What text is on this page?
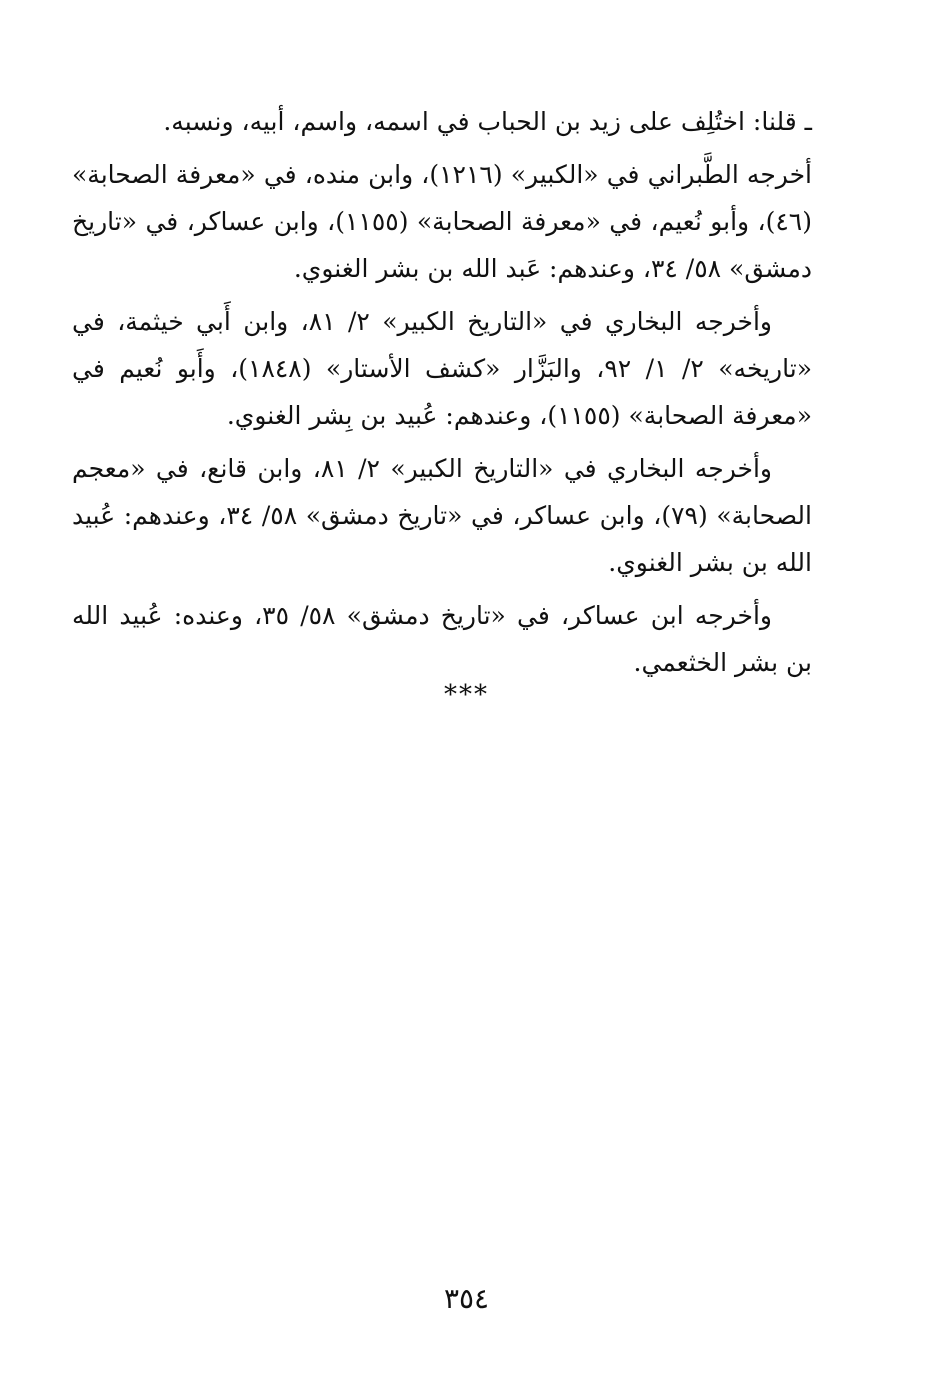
ـ قلنا: اختُلِف على زيد بن الحباب في اسمه، واسم، أبيه، ونسبه.

أخرجه الطَّبراني في «الكبير» (١٢١٦)، وابن منده، في «معرفة الصحابة» (٤٦)، وأبو نُعيم، في «معرفة الصحابة» (١١٥٥)، وابن عساكر، في «تاريخ دمشق» ٥٨/ ٣٤، وعندهم: عَبد الله بن بشر الغنوي.

وأخرجه البخاري في «التاريخ الكبير» ٢/ ٨١، وابن أَبي خيثمة، في «تاريخه» ٢/ ١/ ٩٢، والبَزَّار «كشف الأستار» (١٨٤٨)، وأَبو نُعيم في «معرفة الصحابة» (١١٥٥)، وعندهم: عُبيد بن بِشر الغنوي.

وأخرجه البخاري في «التاريخ الكبير» ٢/ ٨١، وابن قانع، في «معجم الصحابة» (٧٩)، وابن عساكر، في «تاريخ دمشق» ٥٨/ ٣٤، وعندهم: عُبيد الله بن بشر الغنوي.

وأخرجه ابن عساكر، في «تاريخ دمشق» ٥٨/ ٣٥، وعنده: عُبيد الله بن بشر الخثعمي.

***
٣٥٤
